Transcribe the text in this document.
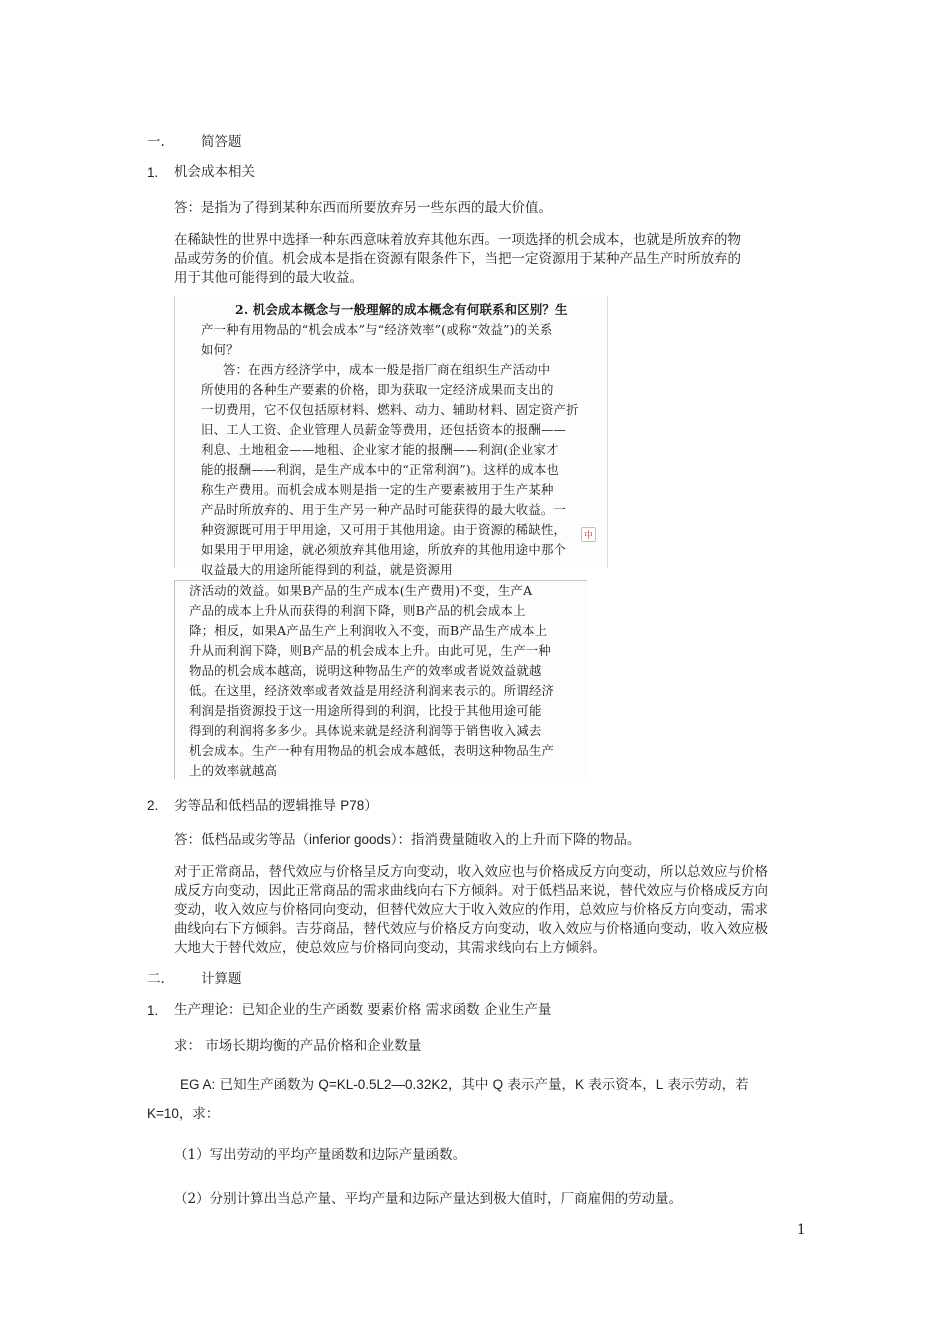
一.	简答题
1. 机会成本相关
答：是指为了得到某种东西而所要放弃另一些东西的最大价值。
在稀缺性的世界中选择一种东西意味着放弃其他东西。一项选择的机会成本，也就是所放弃的物
品或劳务的价值。机会成本是指在资源有限条件下，当把一定资源用于某种产品生产时所放弃的
用于其他可能得到的最大收益。
2. 机会成本概念与一般理解的成本概念有何联系和区别？生
产一种有用物品的“机会成本”与“经济效率”(或称“效益”)的关系
如何？
答：在西方经济学中，成本一般是指厂商在组织生产活动中
所使用的各种生产要素的价格，即为获取一定经济成果而支出的
一切费用，它不仅包括原材料、燃料、动力、辅助材料、固定资产折
旧、工人工资、企业管理人员薪金等费用，还包括资本的报酬——
利息、土地租金——地租、企业家才能的报酬——利润(企业家才
能的报酬——利润，是生产成本中的“正常利润”)。这样的成本也
称生产费用。而机会成本则是指一定的生产要素被用于生产某种
产品时所放弃的、用于生产另一种产品时可能获得的最大收益。一
种资源既可用于甲用途，又可用于其他用途。由于资源的稀缺性，
如果用于甲用途，就必须放弃其他用途，所放弃的其他用途中那个
収益最大的用途所能得到的利益，就是资源用
中
济活动的效益。如果B产品的生产成本(生产费用)不变，生产A
产品的成本上升从而获得的利润下降，则B产品的机会成本上
降；相反，如果A产品生产上利润收入不变，而B产品生产成本上
升从而利润下降，则B产品的机会成本上升。由此可见，生产一种
物品的机会成本越高，说明这种物品生产的效率或者说效益就越
低。在这里，经济效率或者效益是用经济利润来表示的。所谓经济
利润是指资源投于这一用途所得到的利润，比投于其他用途可能
得到的利润将多多少。具体说来就是经济利润等于销售收入减去
机会成本。生产一种有用物品的机会成本越低，表明这种物品生产
上的效率就越高
2. 劣等品和低档品的逻辑推导 P78）
答：低档品或劣等品（inferior goods）：指消费量随收入的上升而下降的物品。
对于正常商品，替代效应与价格呈反方向变动，收入效应也与价格成反方向变动，所以总效应与价格
成反方向变动，因此正常商品的需求曲线向右下方倾斜。对于低档品来说，替代效应与价格成反方向
变动，收入效应与价格同向变动，但替代效应大于收入效应的作用，总效应与价格反方向变动，需求
曲线向右下方倾斜。吉芬商品，替代效应与价格反方向变动，收入效应与价格通向变动，收入效应极
大地大于替代效应，使总效应与价格同向变动，其需求线向右上方倾斜。
二.	计算题
1. 生产理论：已知企业的生产函数 要素价格 需求函数 企业生产量
求： 市场长期均衡的产品价格和企业数量
EG A: 已知生产函数为 Q=KL-0.5L2—0.32K2，其中 Q 表示产量，K 表示资本，L 表示劳动，若
K=10，求：
（1）写出劳动的平均产量函数和边际产量函数。
（2）分别计算出当总产量、平均产量和边际产量达到极大值时，厂商雇佣的劳动量。
1
